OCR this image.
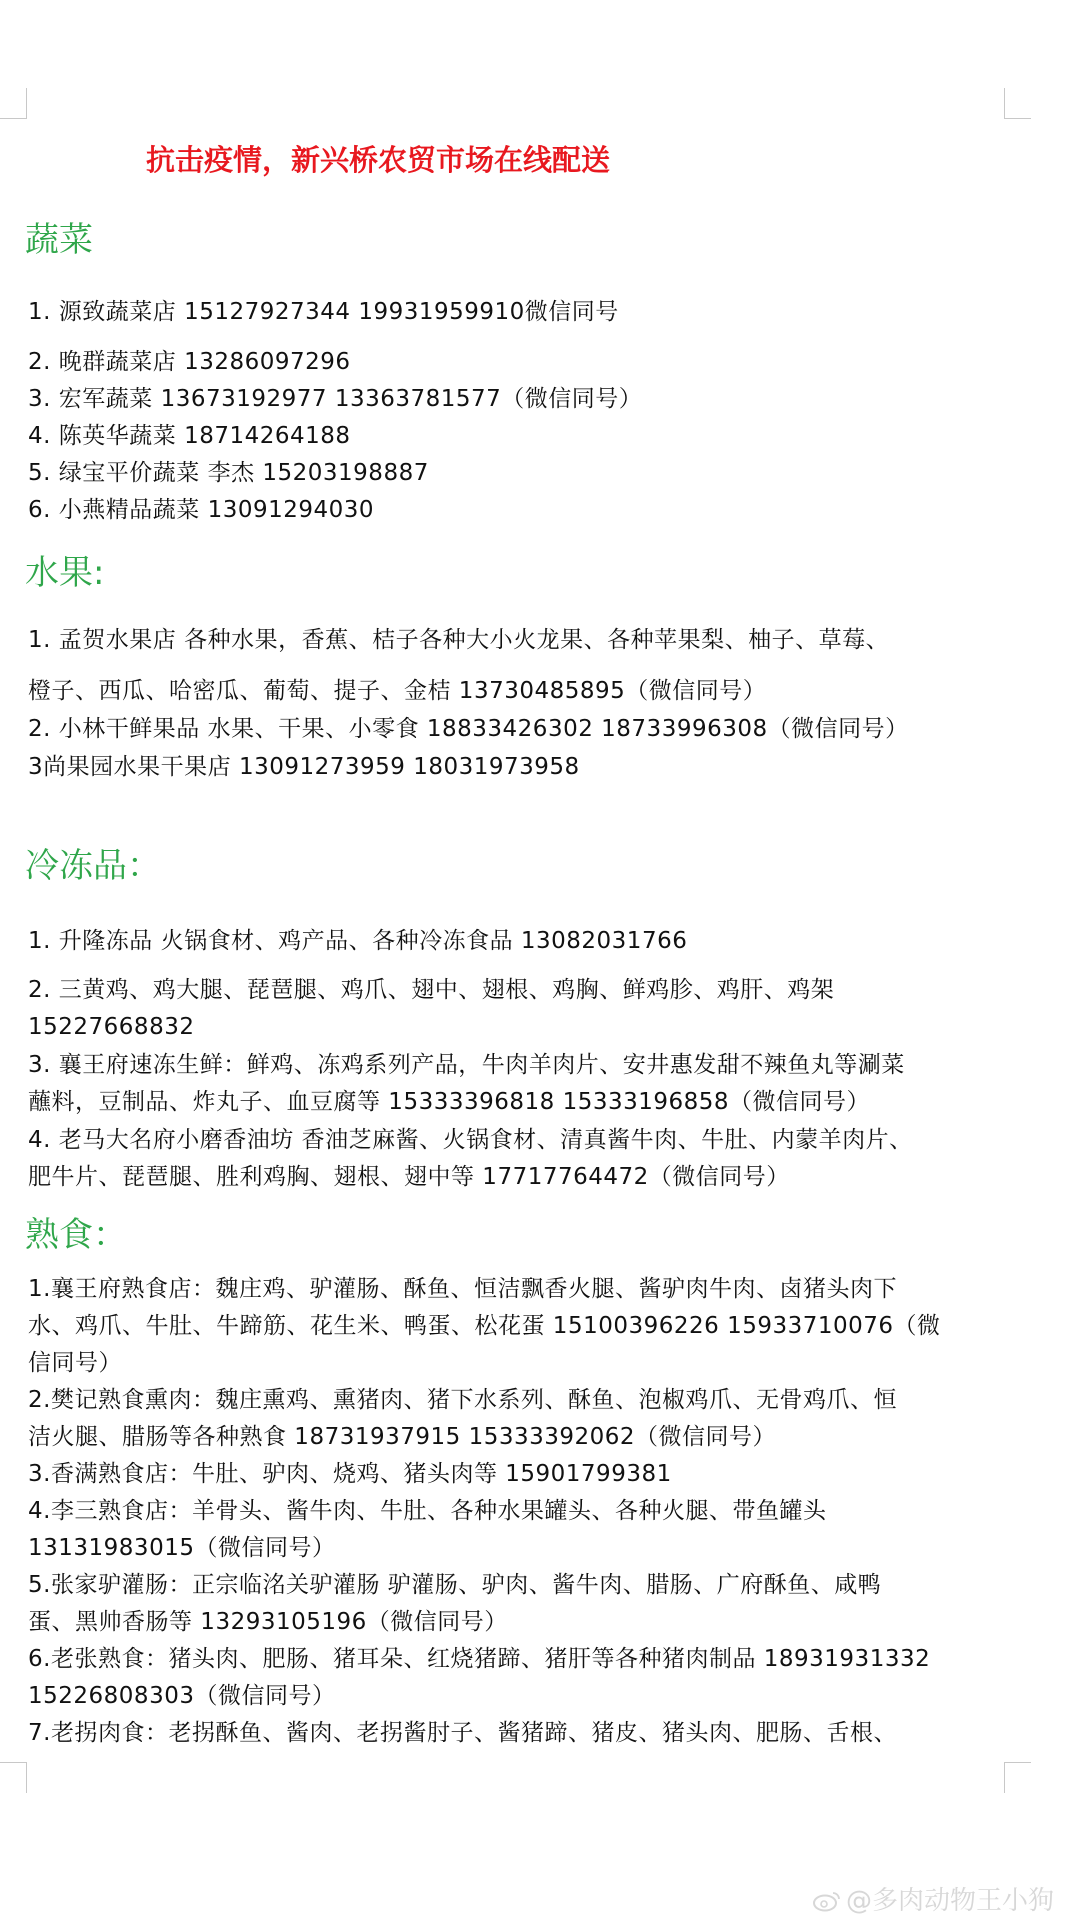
抗击疫情，新兴桥农贸市场在线配送
蔬菜
1. 源致蔬菜店 15127927344 19931959910微信同号
2. 晚群蔬菜店 13286097296
3. 宏军蔬菜 13673192977 13363781577（微信同号）
4. 陈英华蔬菜 18714264188
5. 绿宝平价蔬菜 李杰 15203198887
6. 小燕精品蔬菜 13091294030
水果:
1. 孟贺水果店 各种水果，香蕉、桔子各种大小火龙果、各种苹果梨、柚子、草莓、
橙子、西瓜、哈密瓜、葡萄、提子、金桔 13730485895（微信同号）
2. 小林干鲜果品 水果、干果、小零食 18833426302 18733996308（微信同号）
3尚果园水果干果店 13091273959 18031973958
冷冻品：
1. 升隆冻品 火锅食材、鸡产品、各种冷冻食品 13082031766
2. 三黄鸡、鸡大腿、琵琶腿、鸡爪、翅中、翅根、鸡胸、鲜鸡胗、鸡肝、鸡架
15227668832
3. 襄王府速冻生鲜：鲜鸡、冻鸡系列产品，牛肉羊肉片、安井惠发甜不辣鱼丸等涮菜
蘸料，豆制品、炸丸子、血豆腐等 15333396818 15333196858（微信同号）
4. 老马大名府小磨香油坊 香油芝麻酱、火锅食材、清真酱牛肉、牛肚、内蒙羊肉片、
肥牛片、琵琶腿、胜利鸡胸、翅根、翅中等 17717764472（微信同号）
熟食：
1.襄王府熟食店：魏庄鸡、驴灌肠、酥鱼、恒洁飘香火腿、酱驴肉牛肉、卤猪头肉下
水、鸡爪、牛肚、牛蹄筋、花生米、鸭蛋、松花蛋 15100396226 15933710076（微
信同号）
2.樊记熟食熏肉：魏庄熏鸡、熏猪肉、猪下水系列、酥鱼、泡椒鸡爪、无骨鸡爪、恒
洁火腿、腊肠等各种熟食 18731937915 15333392062（微信同号）
3.香满熟食店：牛肚、驴肉、烧鸡、猪头肉等 15901799381
4.李三熟食店：羊骨头、酱牛肉、牛肚、各种水果罐头、各种火腿、带鱼罐头
13131983015（微信同号）
5.张家驴灌肠：正宗临洺关驴灌肠 驴灌肠、驴肉、酱牛肉、腊肠、广府酥鱼、咸鸭
蛋、黑帅香肠等 13293105196（微信同号）
6.老张熟食：猪头肉、肥肠、猪耳朵、红烧猪蹄、猪肝等各种猪肉制品 18931931332
15226808303（微信同号）
7.老拐肉食：老拐酥鱼、酱肉、老拐酱肘子、酱猪蹄、猪皮、猪头肉、肥肠、舌根、
@多肉动物王小狗
